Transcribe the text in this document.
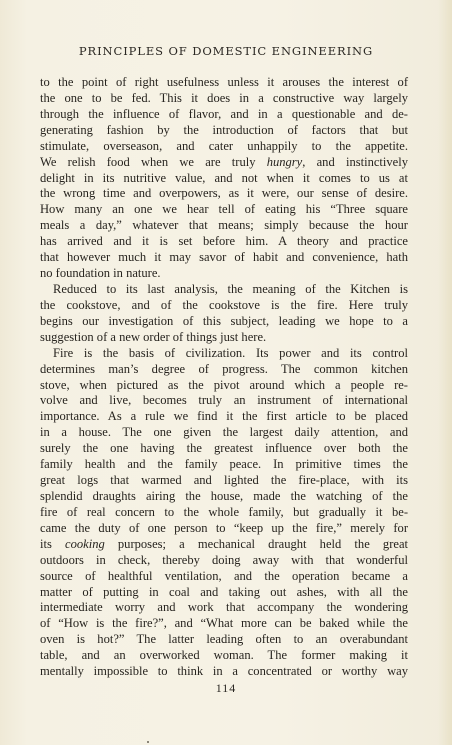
PRINCIPLES OF DOMESTIC ENGINEERING
to the point of right usefulness unless it arouses the interest of
the one to be fed. This it does in a constructive way largely
through the influence of flavor, and in a questionable and de-
generating fashion by the introduction of factors that but
stimulate, overseason, and cater unhappily to the appetite.
We relish food when we are truly hungry, and instinctively
delight in its nutritive value, and not when it comes to us at
the wrong time and overpowers, as it were, our sense of desire.
How many an one we hear tell of eating his “Three square
meals a day,” whatever that means; simply because the hour
has arrived and it is set before him. A theory and practice
that however much it may savor of habit and convenience, hath
no foundation in nature.
Reduced to its last analysis, the meaning of the Kitchen is
the cookstove, and of the cookstove is the fire. Here truly
begins our investigation of this subject, leading we hope to a
suggestion of a new order of things just here.
Fire is the basis of civilization. Its power and its control
determines man’s degree of progress. The common kitchen
stove, when pictured as the pivot around which a people re-
volve and live, becomes truly an instrument of international
importance. As a rule we find it the first article to be placed
in a house. The one given the largest daily attention, and
surely the one having the greatest influence over both the
family health and the family peace. In primitive times the
great logs that warmed and lighted the fire-place, with its
splendid draughts airing the house, made the watching of the
fire of real concern to the whole family, but gradually it be-
came the duty of one person to “keep up the fire,” merely for
its cooking purposes; a mechanical draught held the great
outdoors in check, thereby doing away with that wonderful
source of healthful ventilation, and the operation became a
matter of putting in coal and taking out ashes, with all the
intermediate worry and work that accompany the wondering
of “How is the fire?”, and “What more can be baked while the
oven is hot?” The latter leading often to an overabundant
table, and an overworked woman. The former making it
mentally impossible to think in a concentrated or worthy way
114
